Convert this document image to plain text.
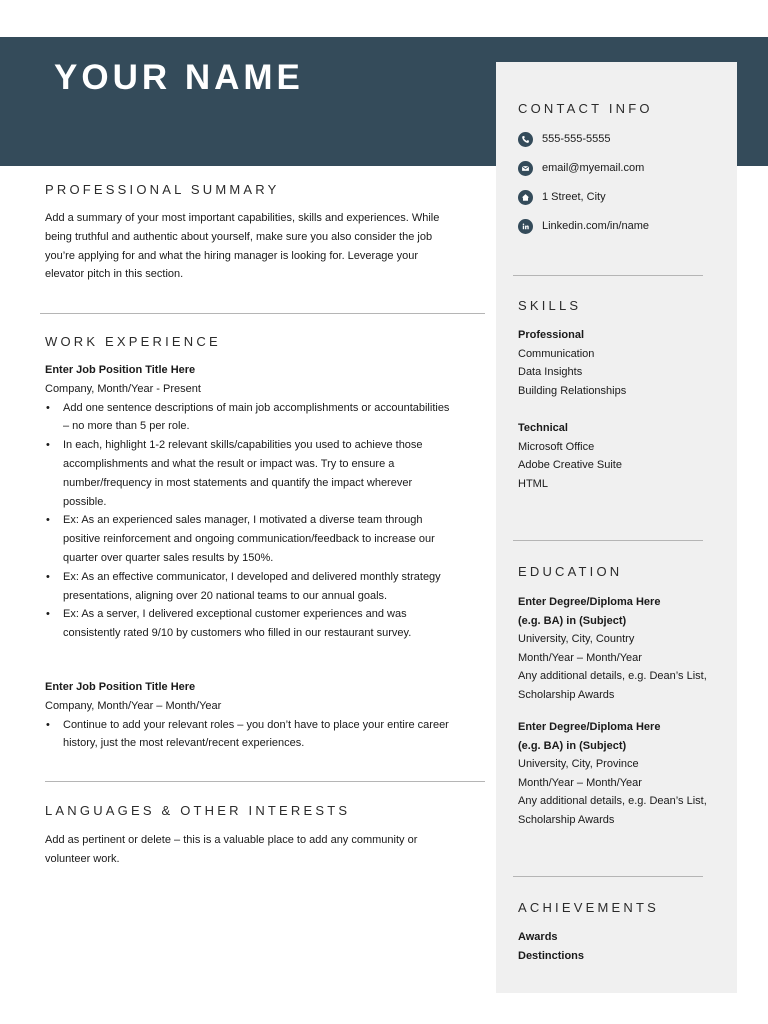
YOUR NAME
PROFESSIONAL SUMMARY
Add a summary of your most important capabilities, skills and experiences. While
being truthful and authentic about yourself, make sure you also consider the job
you’re applying for and what the hiring manager is looking for. Leverage your
elevator pitch in this section.
WORK EXPERIENCE
Enter Job Position Title Here
Company, Month/Year - Present
• Add one sentence descriptions of main job accomplishments or accountabilities
– no more than 5 per role.
• In each, highlight 1-2 relevant skills/capabilities you used to achieve those
accomplishments and what the result or impact was. Try to ensure a
number/frequency in most statements and quantify the impact wherever
possible.
• Ex: As an experienced sales manager, I motivated a diverse team through
positive reinforcement and ongoing communication/feedback to increase our
quarter over quarter sales results by 150%.
• Ex: As an effective communicator, I developed and delivered monthly strategy
presentations, aligning over 20 national teams to our annual goals.
• Ex: As a server, I delivered exceptional customer experiences and was
consistently rated 9/10 by customers who filled in our restaurant survey.
Enter Job Position Title Here
Company, Month/Year – Month/Year
• Continue to add your relevant roles – you don’t have to place your entire career
history, just the most relevant/recent experiences.
LANGUAGES & OTHER INTERESTS
Add as pertinent or delete – this is a valuable place to add any community or
volunteer work.
CONTACT INFO
555-555-5555
email@myemail.com
1 Street, City
Linkedin.com/in/name
SKILLS
Professional
Communication
Data Insights
Building Relationships
Technical
Microsoft Office
Adobe Creative Suite
HTML
EDUCATION
Enter Degree/Diploma Here
(e.g. BA) in (Subject)
University, City, Country
Month/Year – Month/Year
Any additional details, e.g. Dean’s List,
Scholarship Awards
Enter Degree/Diploma Here
(e.g. BA) in (Subject)
University, City, Province
Month/Year – Month/Year
Any additional details, e.g. Dean’s List,
Scholarship Awards
ACHIEVEMENTS
Awards
Destinctions
